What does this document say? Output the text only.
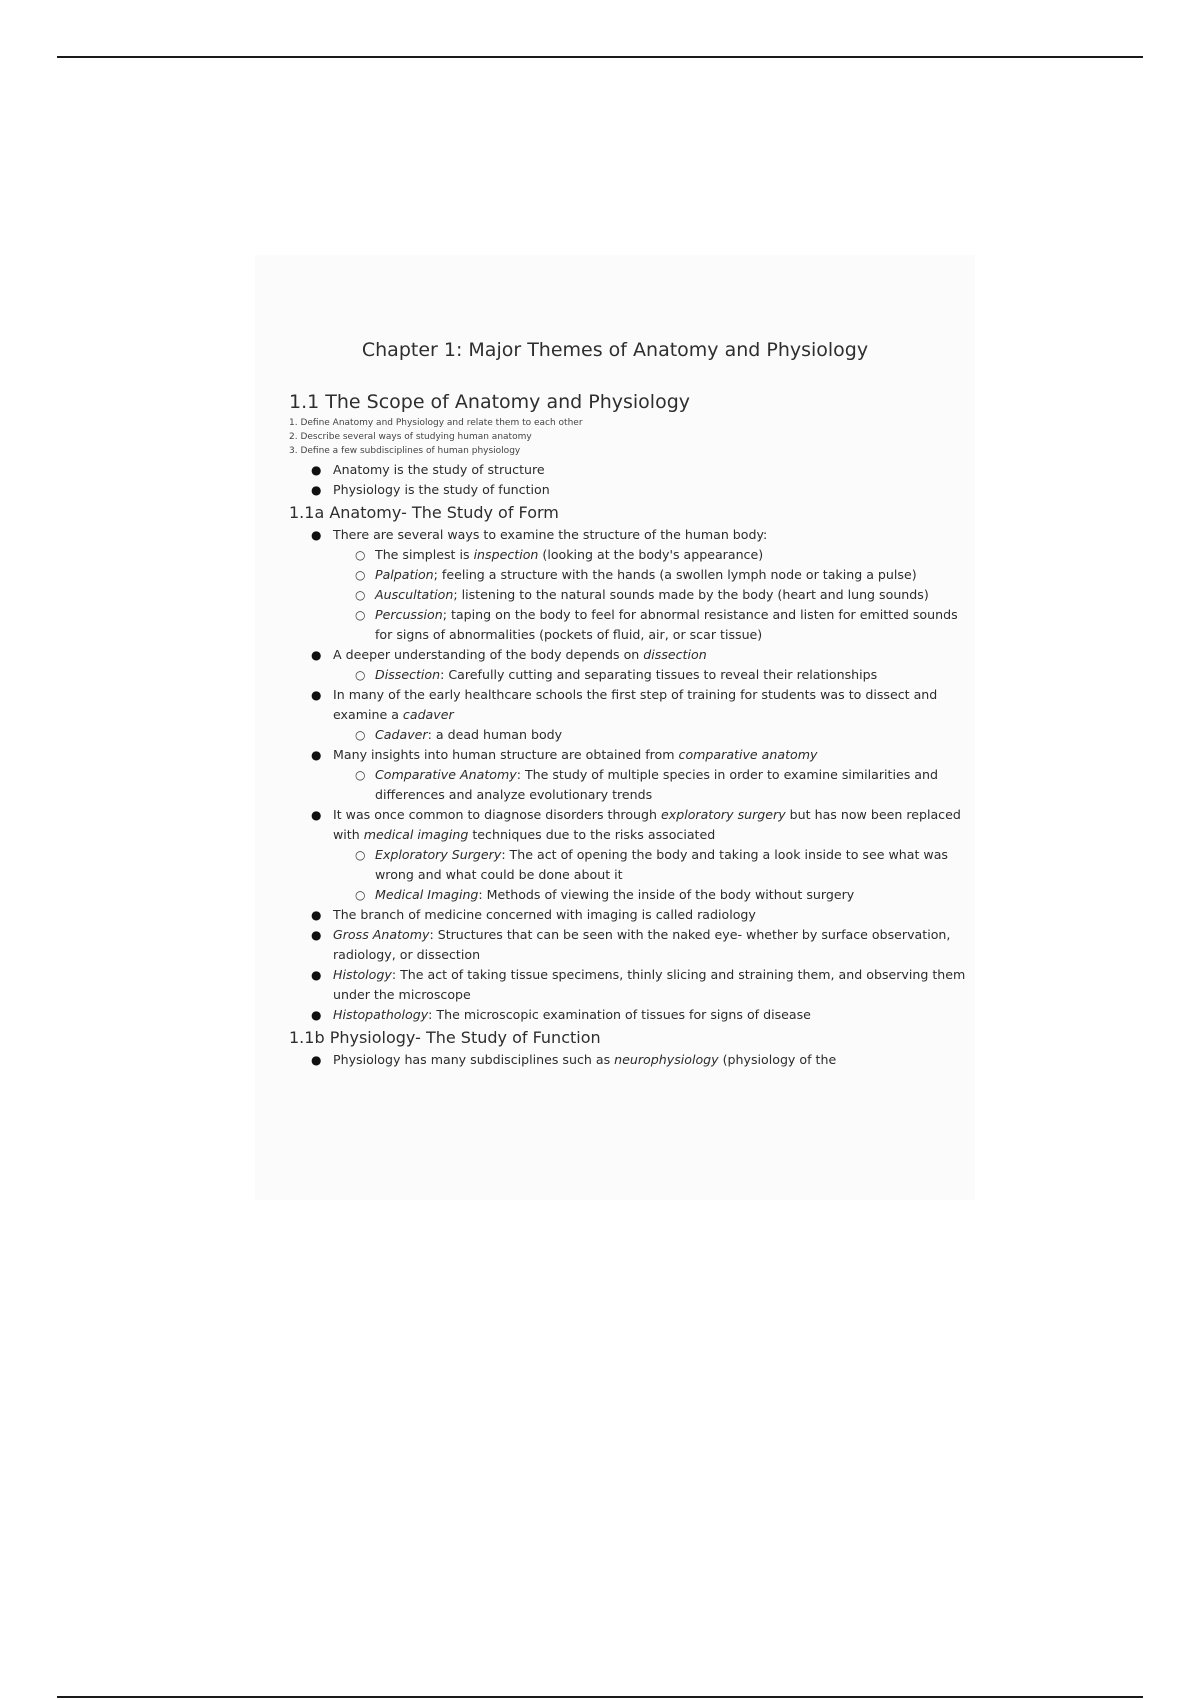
Chapter 1: Major Themes of Anatomy and Physiology
1.1 The Scope of Anatomy and Physiology
1. Define Anatomy and Physiology and relate them to each other
2. Describe several ways of studying human anatomy
3. Define a few subdisciplines of human physiology
● Anatomy is the study of structure
● Physiology is the study of function
1.1a Anatomy- The Study of Form
● There are several ways to examine the structure of the human body:
○ The simplest is inspection (looking at the body's appearance)
○ Palpation; feeling a structure with the hands (a swollen lymph node or taking a pulse)
○ Auscultation; listening to the natural sounds made by the body (heart and lung sounds)
○ Percussion; taping on the body to feel for abnormal resistance and listen for emitted sounds for signs of abnormalities (pockets of fluid, air, or scar tissue)
● A deeper understanding of the body depends on dissection
○ Dissection: Carefully cutting and separating tissues to reveal their relationships
● In many of the early healthcare schools the first step of training for students was to dissect and examine a cadaver
○ Cadaver: a dead human body
● Many insights into human structure are obtained from comparative anatomy
○ Comparative Anatomy: The study of multiple species in order to examine similarities and differences and analyze evolutionary trends
● It was once common to diagnose disorders through exploratory surgery but has now been replaced with medical imaging techniques due to the risks associated
○ Exploratory Surgery: The act of opening the body and taking a look inside to see what was wrong and what could be done about it
○ Medical Imaging: Methods of viewing the inside of the body without surgery
● The branch of medicine concerned with imaging is called radiology
● Gross Anatomy: Structures that can be seen with the naked eye- whether by surface observation, radiology, or dissection
● Histology: The act of taking tissue specimens, thinly slicing and straining them, and observing them under the microscope
● Histopathology: The microscopic examination of tissues for signs of disease
1.1b Physiology- The Study of Function
● Physiology has many subdisciplines such as neurophysiology (physiology of the
